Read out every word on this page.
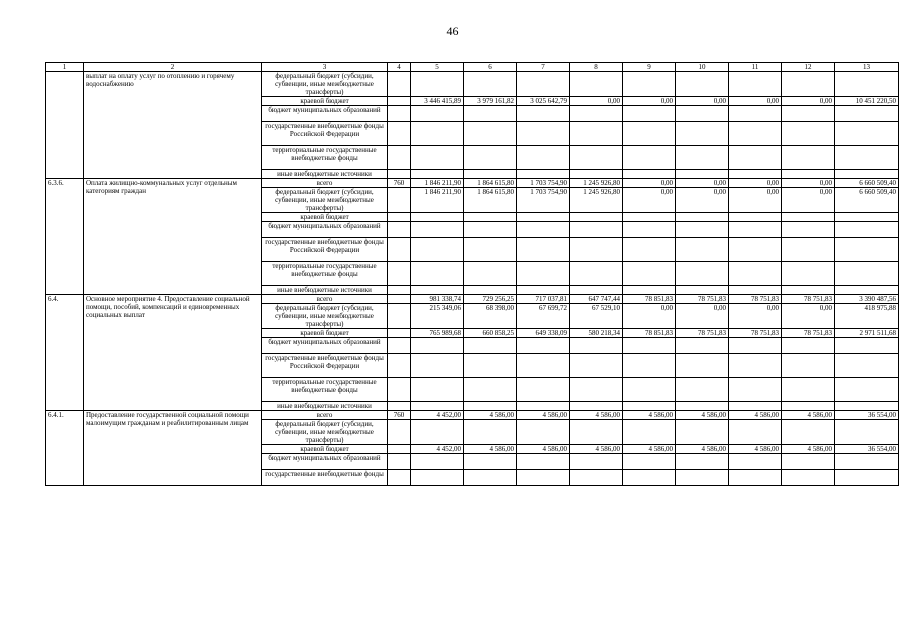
46
1	2	3	4	5	6	7	8	9	10	11	12	13
	выплат на оплату услуг по отоплению и горячему водоснабжению	федеральный бюджет (субсидии, субвенции, иные межбюджетные трансферты)										
		краевой бюджет		3 446 415,89	3 979 161,82	3 025 642,79	0,00	0,00	0,00	0,00	0,00	10 451 220,50
		бюджет муниципальных образований										
		государственные внебюджетные фонды Российской Федерации										
		территориальные государственные внебюджетные фонды										
		иные внебюджетные источники										
6.3.6.	Оплата жилищно-коммунальных услуг отдельным категориям граждан	всего	760	1 846 211,90	1 864 615,80	1 703 754,90	1 245 926,80	0,00	0,00	0,00	0,00	6 660 509,40
		федеральный бюджет (субсидии, субвенции, иные межбюджетные трансферты)		1 846 211,90	1 864 615,80	1 703 754,90	1 245 926,80	0,00	0,00	0,00	0,00	6 660 509,40
		краевой бюджет										
		бюджет муниципальных образований										
		государственные внебюджетные фонды Российской Федерации										
		территориальные государственные внебюджетные фонды										
		иные внебюджетные источники										
6.4.	Основное мероприятие 4. Предоставление социальной помощи, пособий, компенсаций и единовременных социальных выплат	всего		981 338,74	729 256,25	717 037,81	647 747,44	78 851,83	78 751,83	78 751,83	78 751,83	3 390 487,56
		федеральный бюджет (субсидии, субвенции, иные межбюджетные трансферты)		215 349,06	68 398,00	67 699,72	67 529,10	0,00	0,00	0,00	0,00	418 975,88
		краевой бюджет		765 989,68	660 858,25	649 338,09	580 218,34	78 851,83	78 751,83	78 751,83	78 751,83	2 971 511,68
		бюджет муниципальных образований										
		государственные внебюджетные фонды Российской Федерации										
		территориальные государственные внебюджетные фонды										
		иные внебюджетные источники										
6.4.1.	Предоставление государственной социальной помощи малоимущим гражданам и реабилитированным лицам	всего	760	4 452,00	4 586,00	4 586,00	4 586,00	4 586,00	4 586,00	4 586,00	4 586,00	36 554,00
		федеральный бюджет (субсидии, субвенции, иные межбюджетные трансферты)										
		краевой бюджет		4 452,00	4 586,00	4 586,00	4 586,00	4 586,00	4 586,00	4 586,00	4 586,00	36 554,00
		бюджет муниципальных образований										
		государственные внебюджетные фонды										
